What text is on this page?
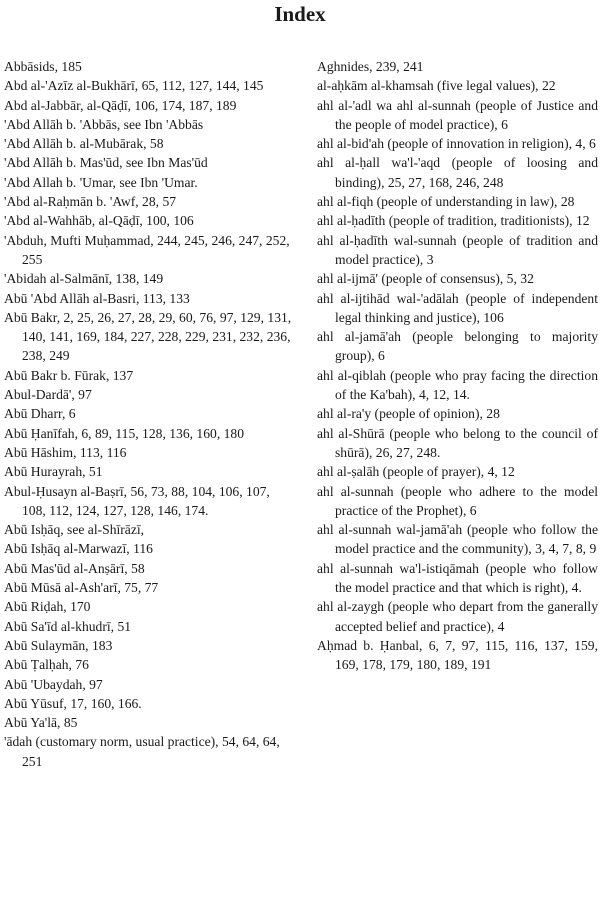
Index
Abbāsids, 185
Abd al-'Azīz al-Bukhārī, 65, 112, 127, 144, 145
Abd al-Jabbār, al-Qāḍī, 106, 174, 187, 189
'Abd Allāh b. 'Abbās, see Ibn 'Abbās
'Abd Allāh b. al-Mubārak, 58
'Abd Allāh b. Mas'ūd, see Ibn Mas'ūd
'Abd Allah b. 'Umar, see Ibn 'Umar.
'Abd al-Raḥmān b. 'Awf, 28, 57
'Abd al-Wahhāb, al-Qāḍī, 100, 106
'Abduh, Mufti Muḥammad, 244, 245, 246, 247, 252, 255
'Abidah al-Salmānī, 138, 149
Abū 'Abd Allāh al-Basri, 113, 133
Abū Bakr, 2, 25, 26, 27, 28, 29, 60, 76, 97, 129, 131, 140, 141, 169, 184, 227, 228, 229, 231, 232, 236, 238, 249
Abū Bakr b. Fūrak, 137
Abul-Dardā', 97
Abū Dharr, 6
Abū Ḥanīfah, 6, 89, 115, 128, 136, 160, 180
Abū Hāshim, 113, 116
Abū Hurayrah, 51
Abul-Ḥusayn al-Baṣrī, 56, 73, 88, 104, 106, 107, 108, 112, 124, 127, 128, 146, 174.
Abū Isḥāq, see al-Shīrāzī,
Abū Isḥāq al-Marwazī, 116
Abū Mas'ūd al-Anṣārī, 58
Abū Mūsā al-Ash'arī, 75, 77
Abū Riḍah, 170
Abū Sa'īd al-khudrī, 51
Abū Sulaymān, 183
Abū Ṭalḥah, 76
Abū 'Ubaydah, 97
Abū Yūsuf, 17, 160, 166.
Abū Ya'lā, 85
'ādah (customary norm, usual practice), 54, 64, 64, 251
Aghnides, 239, 241
al-aḥkām al-khamsah (five legal values), 22
ahl al-'adl wa ahl al-sunnah (people of Justice and the people of model practice), 6
ahl al-bid'ah (people of innovation in religion), 4, 6
ahl al-ḥall wa'l-'aqd (people of loosing and binding), 25, 27, 168, 246, 248
ahl al-fiqh (people of understanding in law), 28
ahl al-ḥadīth (people of tradition, traditionists), 12
ahl al-ḥadīth wal-sunnah (people of tradition and model practice), 3
ahl al-ijmā' (people of consensus), 5, 32
ahl al-ijtihād wal-'adālah (people of independent legal thinking and justice), 106
ahl al-jamā'ah (people belonging to majority group), 6
ahl al-qiblah (people who pray facing the direction of the Ka'bah), 4, 12, 14.
ahl al-ra'y (people of opinion), 28
ahl al-Shūrā (people who belong to the council of shūrā), 26, 27, 248.
ahl al-ṣalāh (people of prayer), 4, 12
ahl al-sunnah (people who adhere to the model practice of the Prophet), 6
ahl al-sunnah wal-jamā'ah (people who follow the model practice and the community), 3, 4, 7, 8, 9
ahl al-sunnah wa'l-istiqāmah (people who follow the model practice and that which is right), 4.
ahl al-zaygh (people who depart from the ganerally accepted belief and practice), 4
Aḥmad b. Ḥanbal, 6, 7, 97, 115, 116, 137, 159, 169, 178, 179, 180, 189, 191
